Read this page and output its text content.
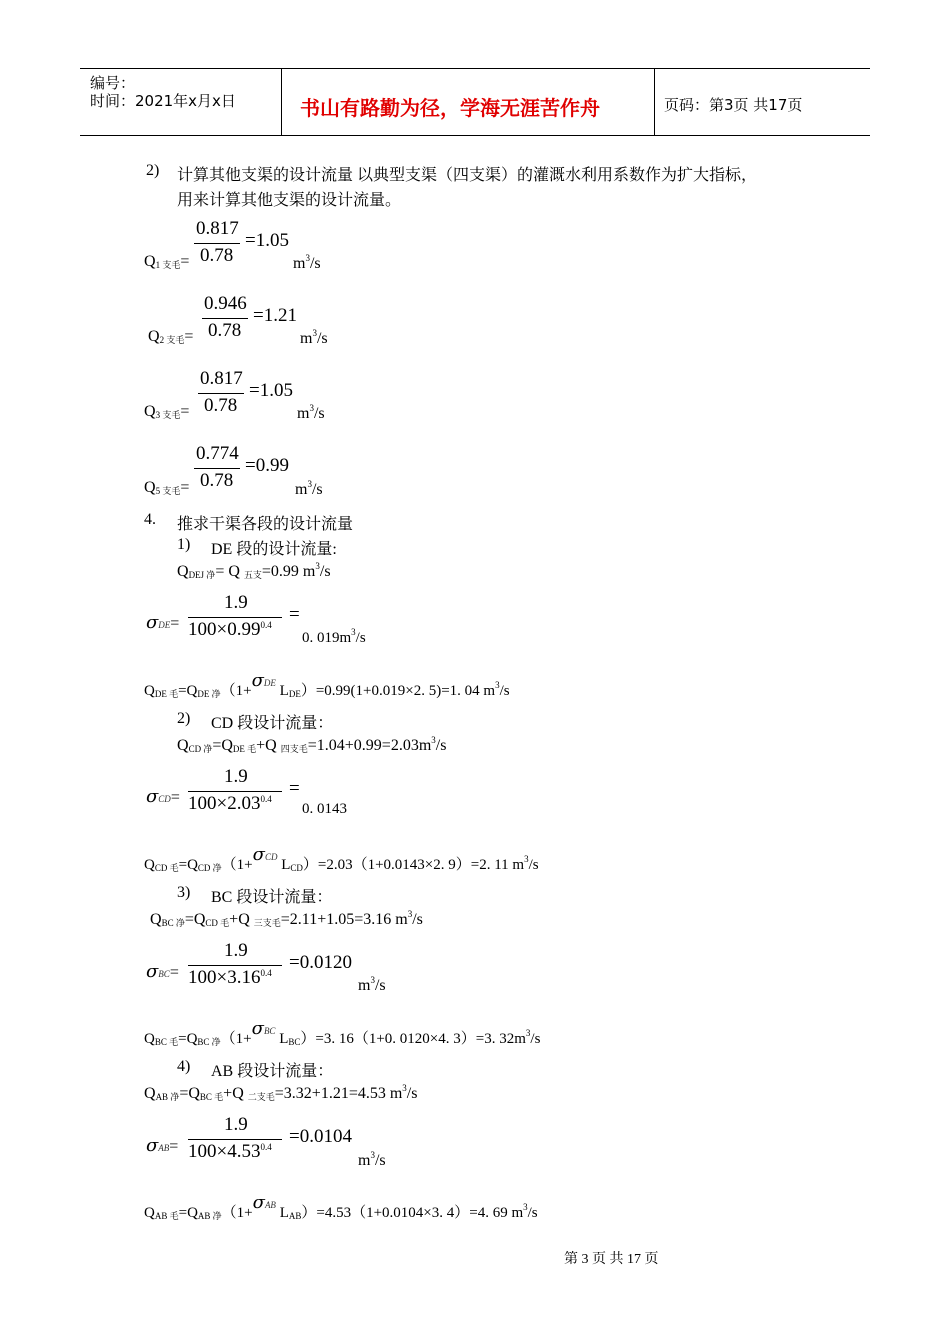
编号：
时间：2021年x月x日	书山有路勤为径，学海无涯苦作舟	页码：第3页 共17页
2) 计算其他支渠的设计流量 以典型支渠（四支渠）的灌溉水利用系数作为扩大指标，
用来计算其他支渠的设计流量。
$Q_{1 支毛}=$
0.817
0.78
=1.05
$m^3/s$
$Q_{2 支毛}=$
0.946
0.78
=1.21
$m^3/s$
$Q_{3 支毛}=$
0.817
0.78
=1.05
$m^3/s$
$Q_{5 支毛}=$
0.774
0.78
=0.99
$m^3/s$
4. 推求干渠各段的设计流量
1) DE 段的设计流量:
$Q_{DEJ 净}= Q$ $_{五支}$=0.99 $m^3/s$
σDE=
1.9
$100\times 0.99^{0.4}$ =
0. $019m^3/s$
$Q_{DE 毛}=Q_{DE 净}(1+\sigma DE$ $L_{DE})=0.99(1+0.019\times 2$. 5)=1. 04 $m^3/s$
2) CD 段设计流量：
$Q_{CD 净}=Q_{DE 毛}+Q$ $_{四支毛}=1.04+0.99=2.03m^3/s$
σCD=
1.9
$100\times 2.03^{0.4}$ =
0. 0143
$Q_{CD 毛}=Q_{CD 净}(1+\sigma CD$ $L_{CD})=2.03(1+0.0143\times 2$. 9）=2. 11 $m^3/s$
3) BC 段设计流量：
$Q_{BC 净}=Q_{CD 毛}+Q$ $_{三支毛}$=2.11+1.05=3.16 $m^3/s$
σBC=
1.9
$100\times 3.16^{0.4} =0.0120$
$m^3/s$
$Q_{BC 毛}=Q_{BC 净}(1+\sigma BC$ $L_{BC})=3$. 16（1+0. 0120×4. 3）=3. $32m^3/s$
4) AB 段设计流量：
$Q_{AB 净}=Q_{BC 毛}+Q$ $_{二支毛}$=3.32+1.21=4.53 $m^3/s$
σAB=
1.9
$100\times 4.53^{0.4} =0.0104$
$m^3/s$
$Q_{AB 毛}=Q_{AB 净}(1+\sigma AB$ $L_{AB})=4.53(1+0.0104\times 3$. 4）=4. 69 $m^3/s$
第 3 页 共 17 页
